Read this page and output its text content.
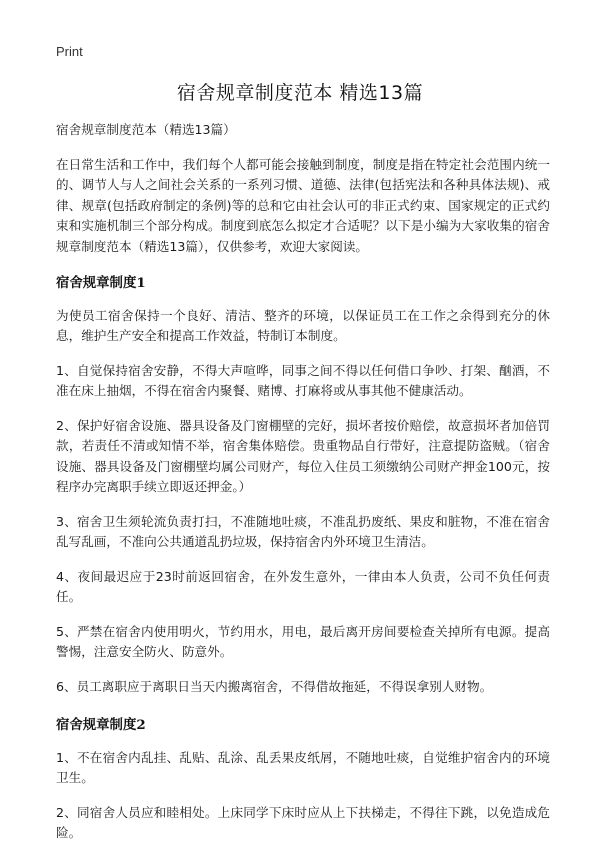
Print
宿舍规章制度范本 精选13篇

宿舍规章制度范本（精选13篇）

在日常生活和工作中，我们每个人都可能会接触到制度，制度是指在特定社会范围内统一的、调节人与人之间社会关系的一系列习惯、道德、法律(包括宪法和各种具体法规)、戒律、规章(包括政府制定的条例)等的总和它由社会认可的非正式约束、国家规定的正式约束和实施机制三个部分构成。制度到底怎么拟定才合适呢？以下是小编为大家收集的宿舍规章制度范本（精选13篇），仅供参考，欢迎大家阅读。

宿舍规章制度1

为使员工宿舍保持一个良好、清洁、整齐的环境，以保证员工在工作之余得到充分的休息，维护生产安全和提高工作效益，特制订本制度。

1、自觉保持宿舍安静，不得大声喧哗，同事之间不得以任何借口争吵、打架、酗酒，不准在床上抽烟，不得在宿舍内聚餐、赌博、打麻将或从事其他不健康活动。

2、保护好宿舍设施、器具设备及门窗棚壁的完好，损坏者按价赔偿，故意损坏者加倍罚款，若责任不清或知情不举，宿舍集体赔偿。贵重物品自行带好，注意提防盗贼。（宿舍设施、器具设备及门窗棚壁均属公司财产，每位入住员工须缴纳公司财产押金100元，按程序办完离职手续立即返还押金。）

3、宿舍卫生须轮流负责打扫，不准随地吐痰，不准乱扔废纸、果皮和脏物，不准在宿舍乱写乱画，不准向公共通道乱扔垃圾，保持宿舍内外环境卫生清洁。

4、夜间最迟应于23时前返回宿舍，在外发生意外，一律由本人负责，公司不负任何责任。

5、严禁在宿舍内使用明火，节约用水，用电，最后离开房间要检查关掉所有电源。提高警惕，注意安全防火、防意外。

6、员工离职应于离职日当天内搬离宿舍，不得借故拖延，不得误拿别人财物。

宿舍规章制度2

1、不在宿舍内乱挂、乱贴、乱涂、乱丢果皮纸屑，不随地吐痰，自觉维护宿舍内的环境卫生。

2、同宿舍人员应和睦相处。上床同学下床时应从上下扶梯走，不得往下跳，以免造成危险。
